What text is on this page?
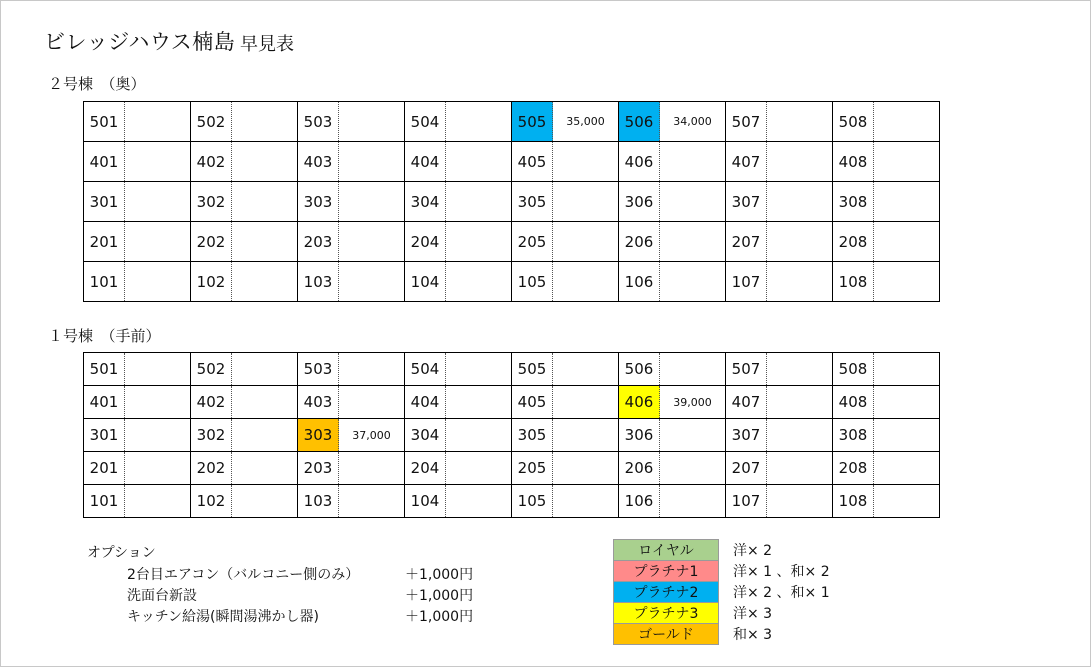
ビレッジハウス楠島 早見表
２号棟　（奥）
501		502		503		504		505	35,000	506	34,000	507		508	
401		402		403		404		405		406		407		408	
301		302		303		304		305		306		307		308	
201		202		203		204		205		206		207		208	
101		102		103		104		105		106		107		108	
１号棟　（手前）
501		502		503		504		505		506		507		508	
401		402		403		404		405		406	39,000	407		408	
301		302		303	37,000	304		305		306		307		308	
201		202		203		204		205		206		207		208	
101		102		103		104		105		106		107		108	
オプション
2台目エアコン（バルコニー側のみ）	＋1,000円
洗面台新設	＋1,000円
キッチン給湯(瞬間湯沸かし器)	＋1,000円
ロイヤル	洋× 2
プラチナ1	洋× 1 、和× 2
プラチナ2	洋× 2 、和× 1
プラチナ3	洋× 3
ゴールド	和× 3
